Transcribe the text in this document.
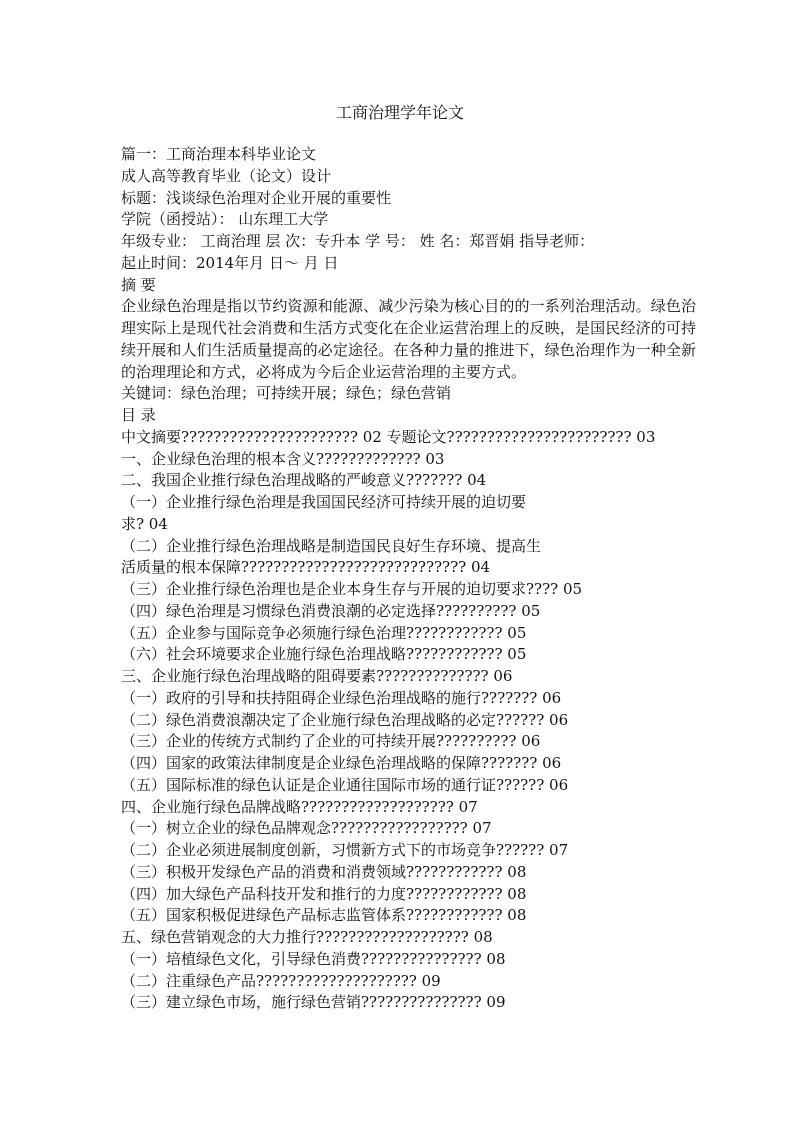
工商治理学年论文
篇一：工商治理本科毕业论文
成人高等教育毕业（论文）设计
标题：浅谈绿色治理对企业开展的重要性
学院（函授站）： 山东理工大学
年级专业： 工商治理 层 次：专升本 学 号： 姓 名：郑晋娟 指导老师：
起止时间：2014年月 日～ 月 日
摘 要
企业绿色治理是指以节约资源和能源、减少污染为核心目的的一系列治理活动。绿色治理实际上是现代社会消费和生活方式变化在企业运营治理上的反映，是国民经济的可持续开展和人们生活质量提高的必定途径。在各种力量的推进下，绿色治理作为一种全新的治理理论和方式，必将成为今后企业运营治理的主要方式。
关键词：绿色治理；可持续开展；绿色；绿色营销
目 录
中文摘要?????????????????????? 02 专题论文??????????????????????? 03
一、企业绿色治理的根本含义????????????? 03
二、我国企业推行绿色治理战略的严峻意义??????? 04
（一）企业推行绿色治理是我国国民经济可持续开展的迫切要
求? 04
（二）企业推行绿色治理战略是制造国民良好生存环境、提高生
活质量的根本保障???????????????????????????? 04
（三）企业推行绿色治理也是企业本身生存与开展的迫切要求???? 05
（四）绿色治理是习惯绿色消费浪潮的必定选择?????????? 05
（五）企业参与国际竞争必须施行绿色治理???????????? 05
（六）社会环境要求企业施行绿色治理战略???????????? 05
三、企业施行绿色治理战略的阻碍要素?????????????? 06
（一）政府的引导和扶持阻碍企业绿色治理战略的施行??????? 06
（二）绿色消费浪潮决定了企业施行绿色治理战略的必定?????? 06
（三）企业的传统方式制约了企业的可持续开展?????????? 06
（四）国家的政策法律制度是企业绿色治理战略的保障??????? 06
（五）国际标准的绿色认证是企业通往国际市场的通行证?????? 06
四、企业施行绿色品牌战略??????????????????? 07
（一）树立企业的绿色品牌观念????????????????? 07
（二）企业必须进展制度创新，习惯新方式下的市场竞争?????? 07
（三）积极开发绿色产品的消费和消费领域???????????? 08
（四）加大绿色产品科技开发和推行的力度???????????? 08
（五）国家积极促进绿色产品标志监管体系???????????? 08
五、绿色营销观念的大力推行??????????????????? 08
（一）培植绿色文化，引导绿色消费??????????????? 08
（二）注重绿色产品???????????????????? 09
（三）建立绿色市场，施行绿色营销??????????????? 09
